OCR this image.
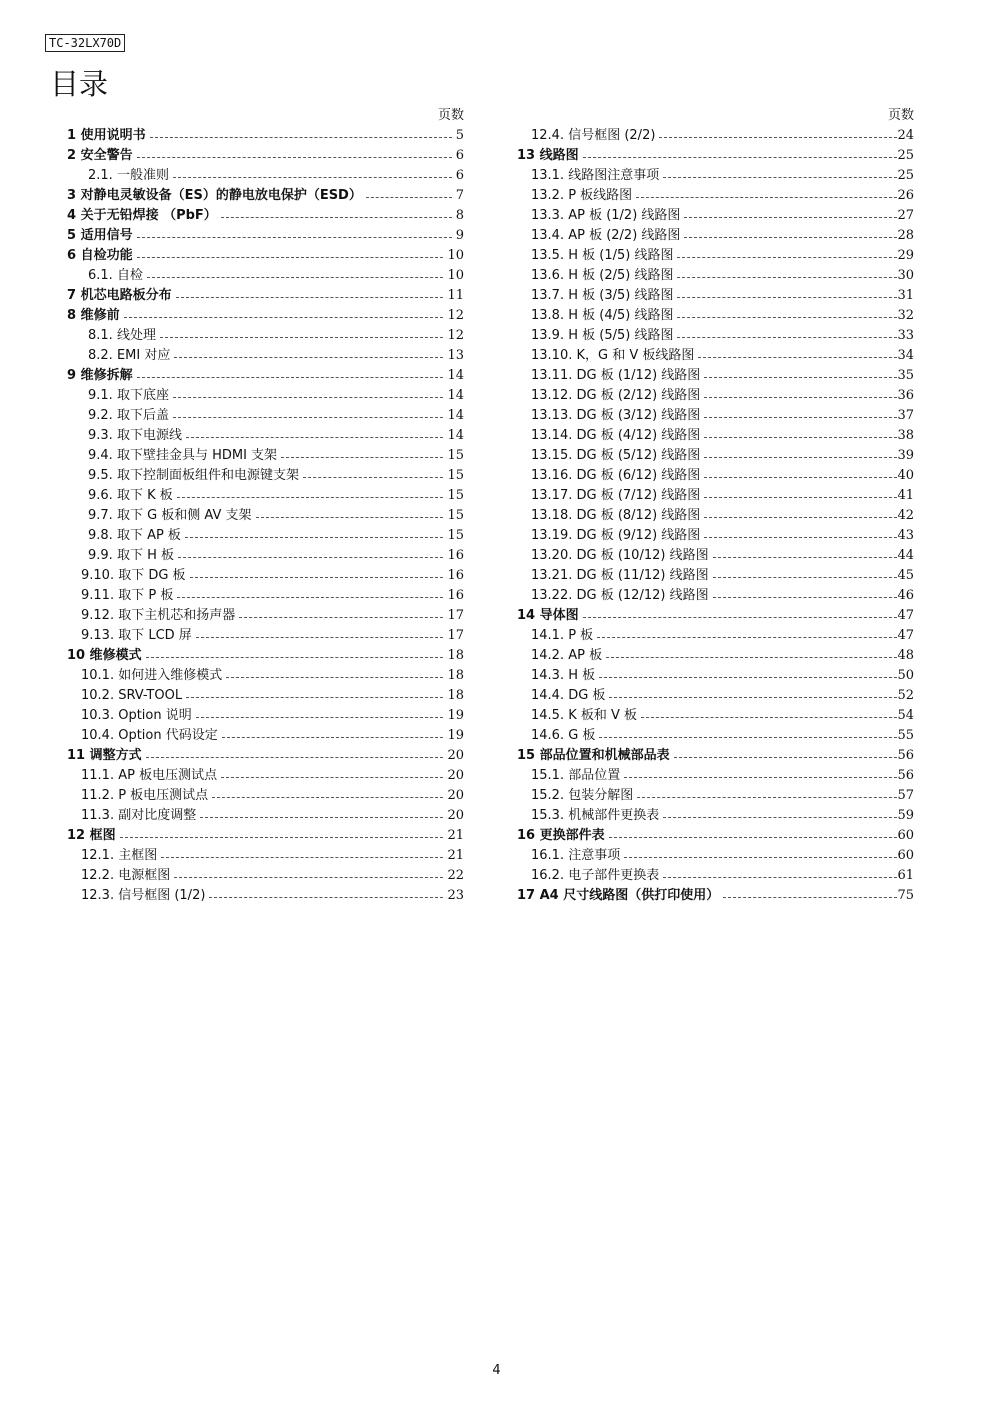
TC-32LX70D
目录
页数
1 使用说明书	5
2 安全警告	6
2.1. 一般准则	6
3 对静电灵敏设备（ES）的静电放电保护（ESD）	7
4 关于无铅焊接 （PbF）	8
5 适用信号	9
6 自检功能	10
6.1. 自检	10
7 机芯电路板分布	11
8 维修前	12
8.1. 线处理	12
8.2. EMI 对应	13
9 维修拆解	14
9.1. 取下底座	14
9.2. 取下后盖	14
9.3. 取下电源线	14
9.4. 取下壁挂金具与 HDMI 支架	15
9.5. 取下控制面板组件和电源键支架	15
9.6. 取下 K 板	15
9.7. 取下 G 板和侧 AV 支架	15
9.8. 取下 AP 板	15
9.9. 取下 H 板	16
9.10. 取下 DG 板	16
9.11. 取下 P 板	16
9.12. 取下主机芯和扬声器	17
9.13. 取下 LCD 屏	17
10 维修模式	18
10.1. 如何进入维修模式	18
10.2. SRV-TOOL	18
10.3. Option 说明	19
10.4. Option 代码设定	19
11 调整方式	20
11.1. AP 板电压测试点	20
11.2. P 板电压测试点	20
11.3. 副对比度调整	20
12 框图	21
12.1. 主框图	21
12.2. 电源框图	22
12.3. 信号框图 (1/2)	23
页数
12.4. 信号框图 (2/2)	24
13 线路图	25
13.1. 线路图注意事项	25
13.2. P 板线路图	26
13.3. AP 板 (1/2) 线路图	27
13.4. AP 板 (2/2) 线路图	28
13.5. H 板 (1/5) 线路图	29
13.6. H 板 (2/5) 线路图	30
13.7. H 板 (3/5) 线路图	31
13.8. H 板 (4/5) 线路图	32
13.9. H 板 (5/5) 线路图	33
13.10. K，G 和 V 板线路图	34
13.11. DG 板 (1/12) 线路图	35
13.12. DG 板 (2/12) 线路图	36
13.13. DG 板 (3/12) 线路图	37
13.14. DG 板 (4/12) 线路图	38
13.15. DG 板 (5/12) 线路图	39
13.16. DG 板 (6/12) 线路图	40
13.17. DG 板 (7/12) 线路图	41
13.18. DG 板 (8/12) 线路图	42
13.19. DG 板 (9/12) 线路图	43
13.20. DG 板 (10/12) 线路图	44
13.21. DG 板 (11/12) 线路图	45
13.22. DG 板 (12/12) 线路图	46
14 导体图	47
14.1. P 板	47
14.2. AP 板	48
14.3. H 板	50
14.4. DG 板	52
14.5. K 板和 V 板	54
14.6. G 板	55
15 部品位置和机械部品表	56
15.1. 部品位置	56
15.2. 包装分解图	57
15.3. 机械部件更换表	59
16 更换部件表	60
16.1. 注意事项	60
16.2. 电子部件更换表	61
17 A4 尺寸线路图（供打印使用）	75
4
